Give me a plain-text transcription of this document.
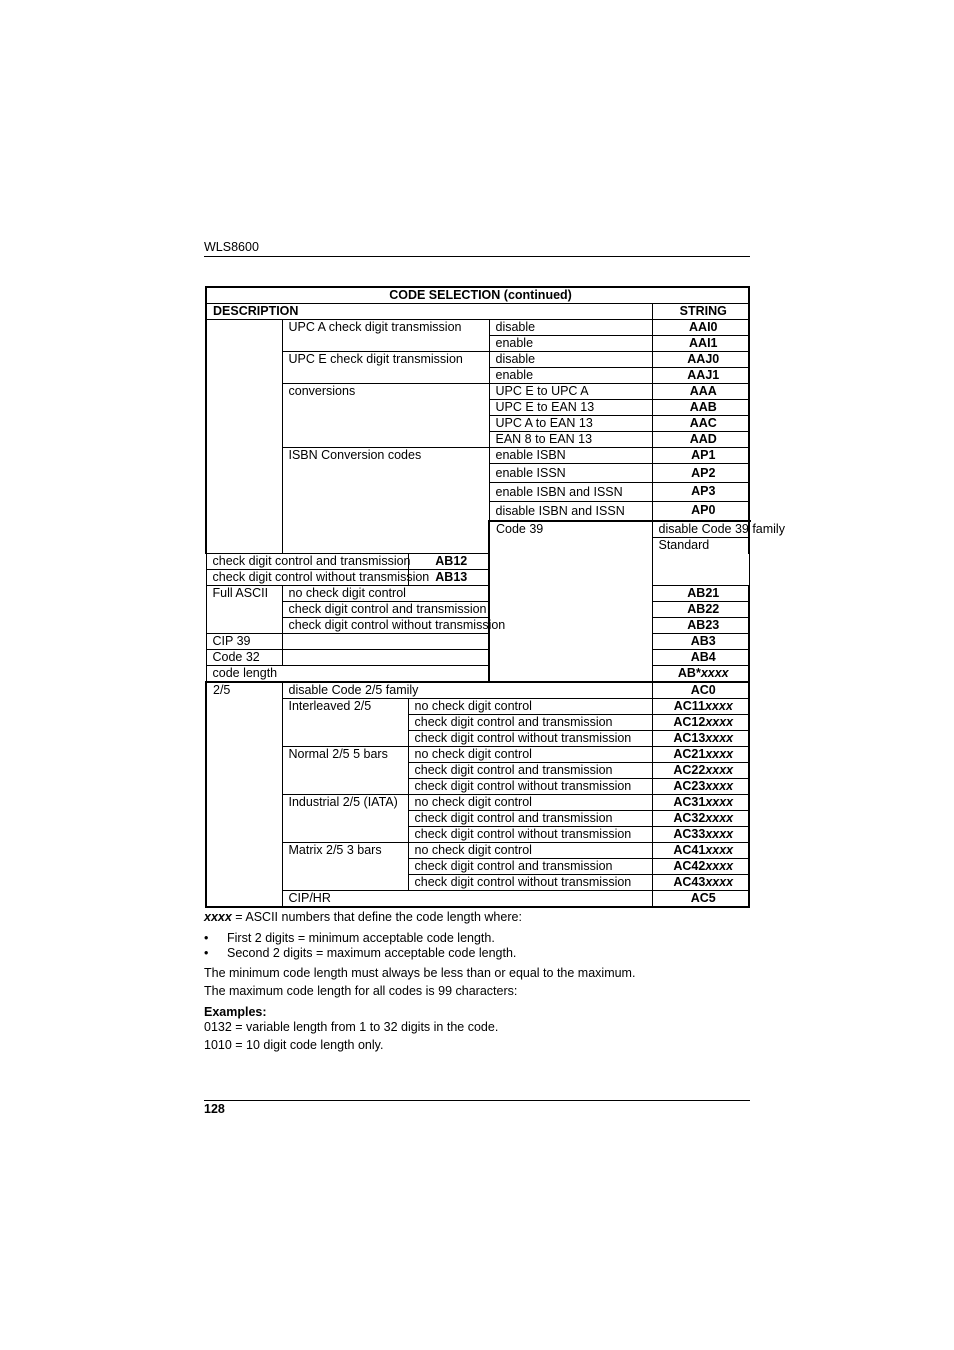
WLS8600
CODE SELECTION (continued)					
DESCRIPTION				STRING	
	UPC A check digit transmission		disable	AAI0	
			enable	AAI1	
	UPC E check digit transmission		disable	AAJ0	
			enable	AAJ1	
	conversions		UPC E to UPC A	AAA	
			UPC E to EAN 13	AAB	
			UPC A to EAN 13	AAC	
			EAN 8 to EAN 13	AAD	
	ISBN Conversion codes		enable ISBN	AP1	
			enable ISSN	AP2	
			enable ISBN and ISSN	AP3	
			disable ISBN and ISSN	AP0	
			Code 39	disable Code 39 family	
				Standard		
check digit control and transmission		AB12			
check digit control without transmission		AB13			
Full ASCII	no check digit control			AB21	
	check digit control and transmission			AB22	
	check digit control without transmission			AB23	
CIP 39				AB3	
Code 32				AB4	
code length				AB*xxxx	
2/5	disable Code 2/5 family			AC0	
	Interleaved 2/5	no check digit control		AC11xxxx	
		check digit control and transmission		AC12xxxx	
		check digit control without transmission		AC13xxxx	
	Normal 2/5 5 bars	no check digit control		AC21xxxx	
		check digit control and transmission		AC22xxxx	
		check digit control without transmission		AC23xxxx	
	Industrial 2/5 (IATA)	no check digit control		AC31xxxx	
		check digit control and transmission		AC32xxxx	
		check digit control without transmission		AC33xxxx	
	Matrix 2/5 3 bars	no check digit control		AC41xxxx	
		check digit control and transmission		AC42xxxx	
		check digit control without transmission		AC43xxxx	
	CIP/HR			AC5	
xxxx = ASCII numbers that define the code length where:
• First 2 digits = minimum acceptable code length.
• Second 2 digits = maximum acceptable code length.
The minimum code length must always be less than or equal to the maximum.
The maximum code length for all codes is 99 characters:
Examples:
0132 = variable length from 1 to 32 digits in the code.
1010 = 10 digit code length only.
128
